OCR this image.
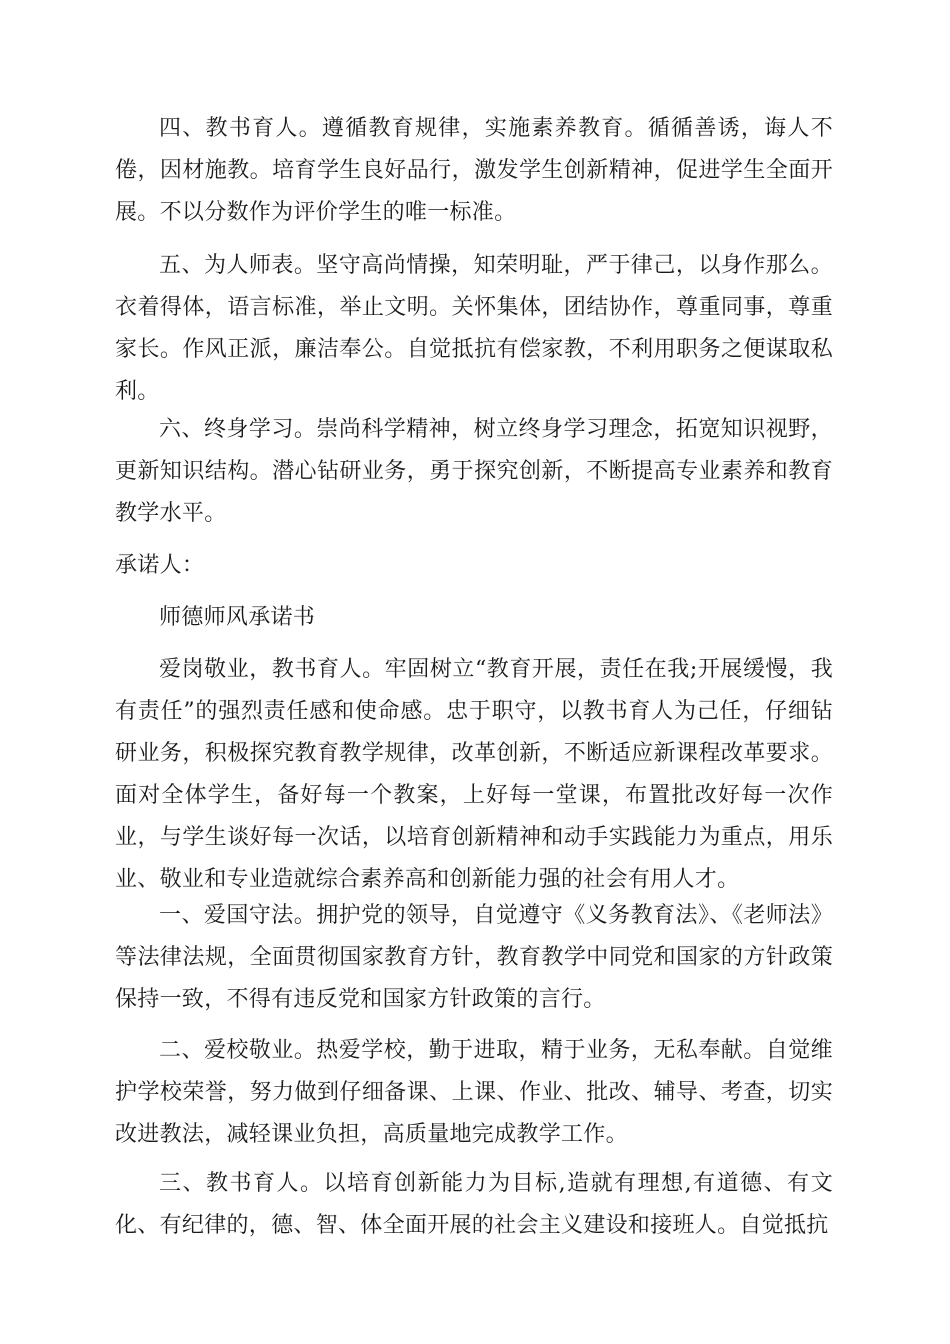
四、教书育人。遵循教育规律，实施素养教育。循循善诱，诲人不倦，因材施教。培育学生良好品行，激发学生创新精神，促进学生全面开展。不以分数作为评价学生的唯一标准。

五、为人师表。坚守高尚情操，知荣明耻，严于律己，以身作那么。衣着得体，语言标准，举止文明。关怀集体，团结协作，尊重同事，尊重家长。作风正派，廉洁奉公。自觉抵抗有偿家教，不利用职务之便谋取私利。

六、终身学习。崇尚科学精神，树立终身学习理念，拓宽知识视野，更新知识结构。潜心钻研业务，勇于探究创新，不断提高专业素养和教育教学水平。

承诺人：

师德师风承诺书

爱岗敬业，教书育人。牢固树立“教育开展，责任在我;开展缓慢，我有责任”的强烈责任感和使命感。忠于职守，以教书育人为己任，仔细钻研业务，积极探究教育教学规律，改革创新，不断适应新课程改革要求。面对全体学生，备好每一个教案，上好每一堂课，布置批改好每一次作业，与学生谈好每一次话，以培育创新精神和动手实践能力为重点，用乐业、敬业和专业造就综合素养高和创新能力强的社会有用人才。

一、爱国守法。拥护党的领导，自觉遵守《义务教育法》、《老师法》等法律法规，全面贯彻国家教育方针，教育教学中同党和国家的方针政策保持一致，不得有违反党和国家方针政策的言行。

二、爱校敬业。热爱学校，勤于进取，精于业务，无私奉献。自觉维护学校荣誉，努力做到仔细备课、上课、作业、批改、辅导、考查，切实改进教法，减轻课业负担，高质量地完成教学工作。

三、教书育人。以培育创新能力为目标,造就有理想,有道德、有文化、有纪律的，德、智、体全面开展的社会主义建设和接班人。自觉抵抗
